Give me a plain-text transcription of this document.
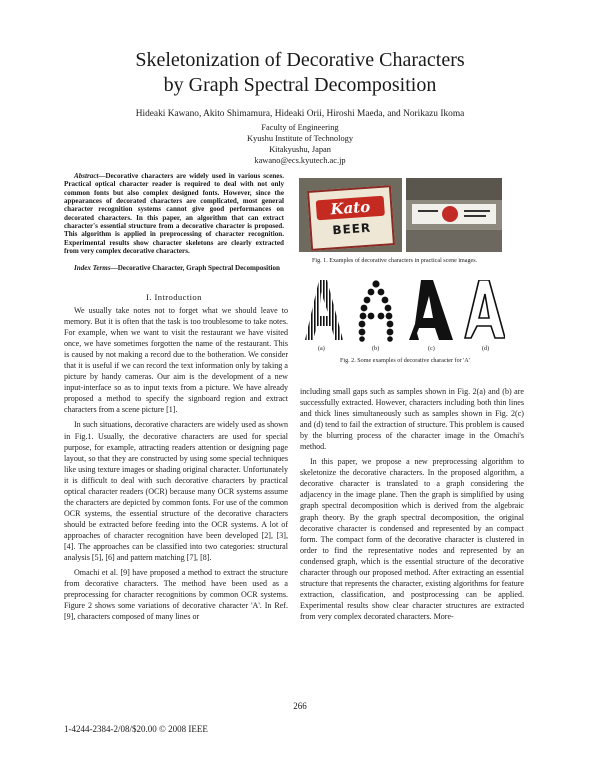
Skeletonization of Decorative Characters
by Graph Spectral Decomposition
Hideaki Kawano, Akito Shimamura, Hideaki Orii, Hiroshi Maeda, and Norikazu Ikoma
Faculty of Engineering
Kyushu Institute of Technology
Kitakyushu, Japan
kawano@ecs.kyutech.ac.jp
Abstract—Decorative characters are widely used in various scenes. Practical optical character reader is required to deal with not only common fonts but also complex designed fonts. However, since the appearances of decorated characters are complicated, most general character recognition systems cannot give good performances on decorated characters. In this paper, an algorithm that can extract character's essential structure from a decorative character is proposed. This algorithm is applied in preprocessing of character recognition. Experimental results show character skeletons are clearly extracted from very complex decorative characters.
Index Terms—Decorative Character, Graph Spectral Decomposition
I. Introduction

We usually take notes not to forget what we should leave to memory. But it is often that the task is too troublesome to take notes. For example, when we want to visit the restaurant we have visited once, we have sometimes forgotten the name of the restaurant. This is caused by not making a record due to the botheration. We consider that it is useful if we can record the text information only by taking a picture by handy cameras. Our aim is the development of a new input-interface so as to input texts from a picture. We have already proposed a method to specify the signboard region and extract characters from a scene picture [1].

In such situations, decorative characters are widely used as shown in Fig.1. Usually, the decorative characters are used for special purpose, for example, attracting readers attention or designing page layout, so that they are constructed by using some special techniques like using texture images or shading original character. Unfortunately it is difficult to deal with such decorative characters by practical optical character readers (OCR) because many OCR systems assume the characters are depicted by common fonts. For use of the common OCR systems, the essential structure of the decorative characters should be extracted before feeding into the OCR systems. A lot of approaches of character recognition have been developed [2], [3], [4]. The approaches can be classified into two categories: structural analysis [5], [6] and pattern matching [7], [8].

Omachi et al. [9] have proposed a method to extract the structure from decorative characters. The method have been used as a preprocessing for character recognitions by common OCR systems. Figure 2 shows some variations of decorative character 'A'. In Ref.[9], characters composed of many lines or

Kato
BEER
Fig. 1. Examples of decorative characters in practical scene images.
(a)	(b)	(c)	(d)
Fig. 2. Some examples of decorative character for 'A'

including small gaps such as samples shown in Fig. 2(a) and (b) are successfully extracted. However, characters including both thin lines and thick lines simultaneously such as samples shown in Fig. 2(c) and (d) tend to fail the extraction of structure. This problem is caused by the blurring process of the character image in the Omachi's method.

In this paper, we propose a new preprocessing algorithm to skeletonize the decorative characters. In the proposed algorithm, a decorative character is translated to a graph considering the adjacency in the image plane. Then the graph is simplified by using graph spectral decomposition which is derived from the algebraic graph theory. By the graph spectral decomposition, the original decorative character is condensed and represented by an compact form. The compact form of the decorative character is clustered in order to find the representative nodes and represented by an condensed graph, which is the essential structure of the decorative character through our proposed method. After extracting an essential structure that represents the character, existing algorithms for feature extraction, classification, and postprocessing can be applied. Experimental results show clear character structures are extracted from very complex decorated characters. More-

266
1-4244-2384-2/08/$20.00 © 2008 IEEE
